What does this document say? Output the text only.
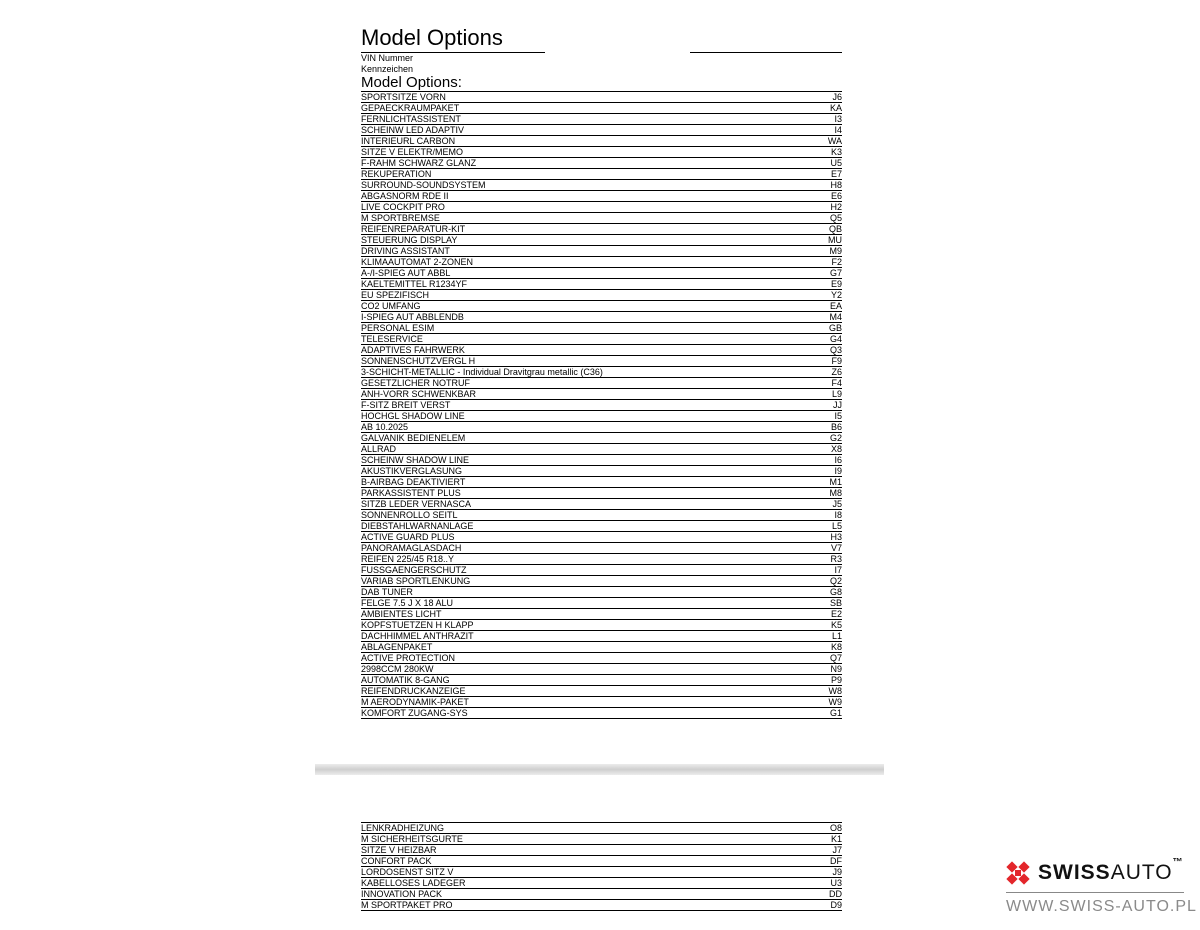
Model Options
VIN Nummer
Kennzeichen
Model Options:
SPORTSITZE VORN	J6
GEPAECKRAUMPAKET	KA
FERNLICHTASSISTENT	I3
SCHEINW LED ADAPTIV	I4
INTERIEURL CARBON	WA
SITZE V ELEKTR/MEMO	K3
F-RAHM SCHWARZ GLANZ	U5
REKUPERATION	E7
SURROUND-SOUNDSYSTEM	H8
ABGASNORM RDE II	E6
LIVE COCKPIT PRO	H2
M SPORTBREMSE	Q5
REIFENREPARATUR-KIT	QB
STEUERUNG DISPLAY	MU
DRIVING ASSISTANT	M9
KLIMAAUTOMAT 2-ZONEN	F2
A-/I-SPIEG AUT ABBL	G7
KAELTEMITTEL R1234YF	E9
EU SPEZIFISCH	Y2
CO2 UMFANG	EA
I-SPIEG AUT ABBLENDB	M4
PERSONAL ESIM	GB
TELESERVICE	G4
ADAPTIVES FAHRWERK	Q3
SONNENSCHUTZVERGL H	F9
3-SCHICHT-METALLIC - Individual Dravitgrau metallic (C36)	Z6
GESETZLICHER NOTRUF	F4
ANH-VORR SCHWENKBAR	L9
F-SITZ BREIT VERST	JJ
HOCHGL SHADOW LINE	I5
AB 10.2025	B6
GALVANIK BEDIENELEM	G2
ALLRAD	X8
SCHEINW SHADOW LINE	I6
AKUSTIKVERGLASUNG	I9
B-AIRBAG DEAKTIVIERT	M1
PARKASSISTENT PLUS	M8
SITZB LEDER VERNASCA	J5
SONNENROLLO SEITL	I8
DIEBSTAHLWARNANLAGE	L5
ACTIVE GUARD PLUS	H3
PANORAMAGLASDACH	V7
REIFEN 225/45 R18..Y	R3
FUSSGAENGERSCHUTZ	I7
VARIAB SPORTLENKUNG	Q2
DAB TUNER	G8
FELGE 7.5 J X 18 ALU	SB
AMBIENTES LICHT	E2
KOPFSTUETZEN H KLAPP	K5
DACHHIMMEL ANTHRAZIT	L1
ABLAGENPAKET	K8
ACTIVE PROTECTION	Q7
2998CCM 280KW	N9
AUTOMATIK 8-GANG	P9
REIFENDRUCKANZEIGE	W8
M AERODYNAMIK-PAKET	W9
KOMFORT ZUGANG-SYS	G1
LENKRADHEIZUNG	O8
M SICHERHEITSGURTE	K1
SITZE V HEIZBAR	J7
CONFORT PACK	DF
LORDOSENST SITZ V	J9
KABELLOSES LADEGER	U3
INNOVATION PACK	DD
M SPORTPAKET PRO	D9
SWISSAUTO™
WWW.SWISS-AUTO.PL
